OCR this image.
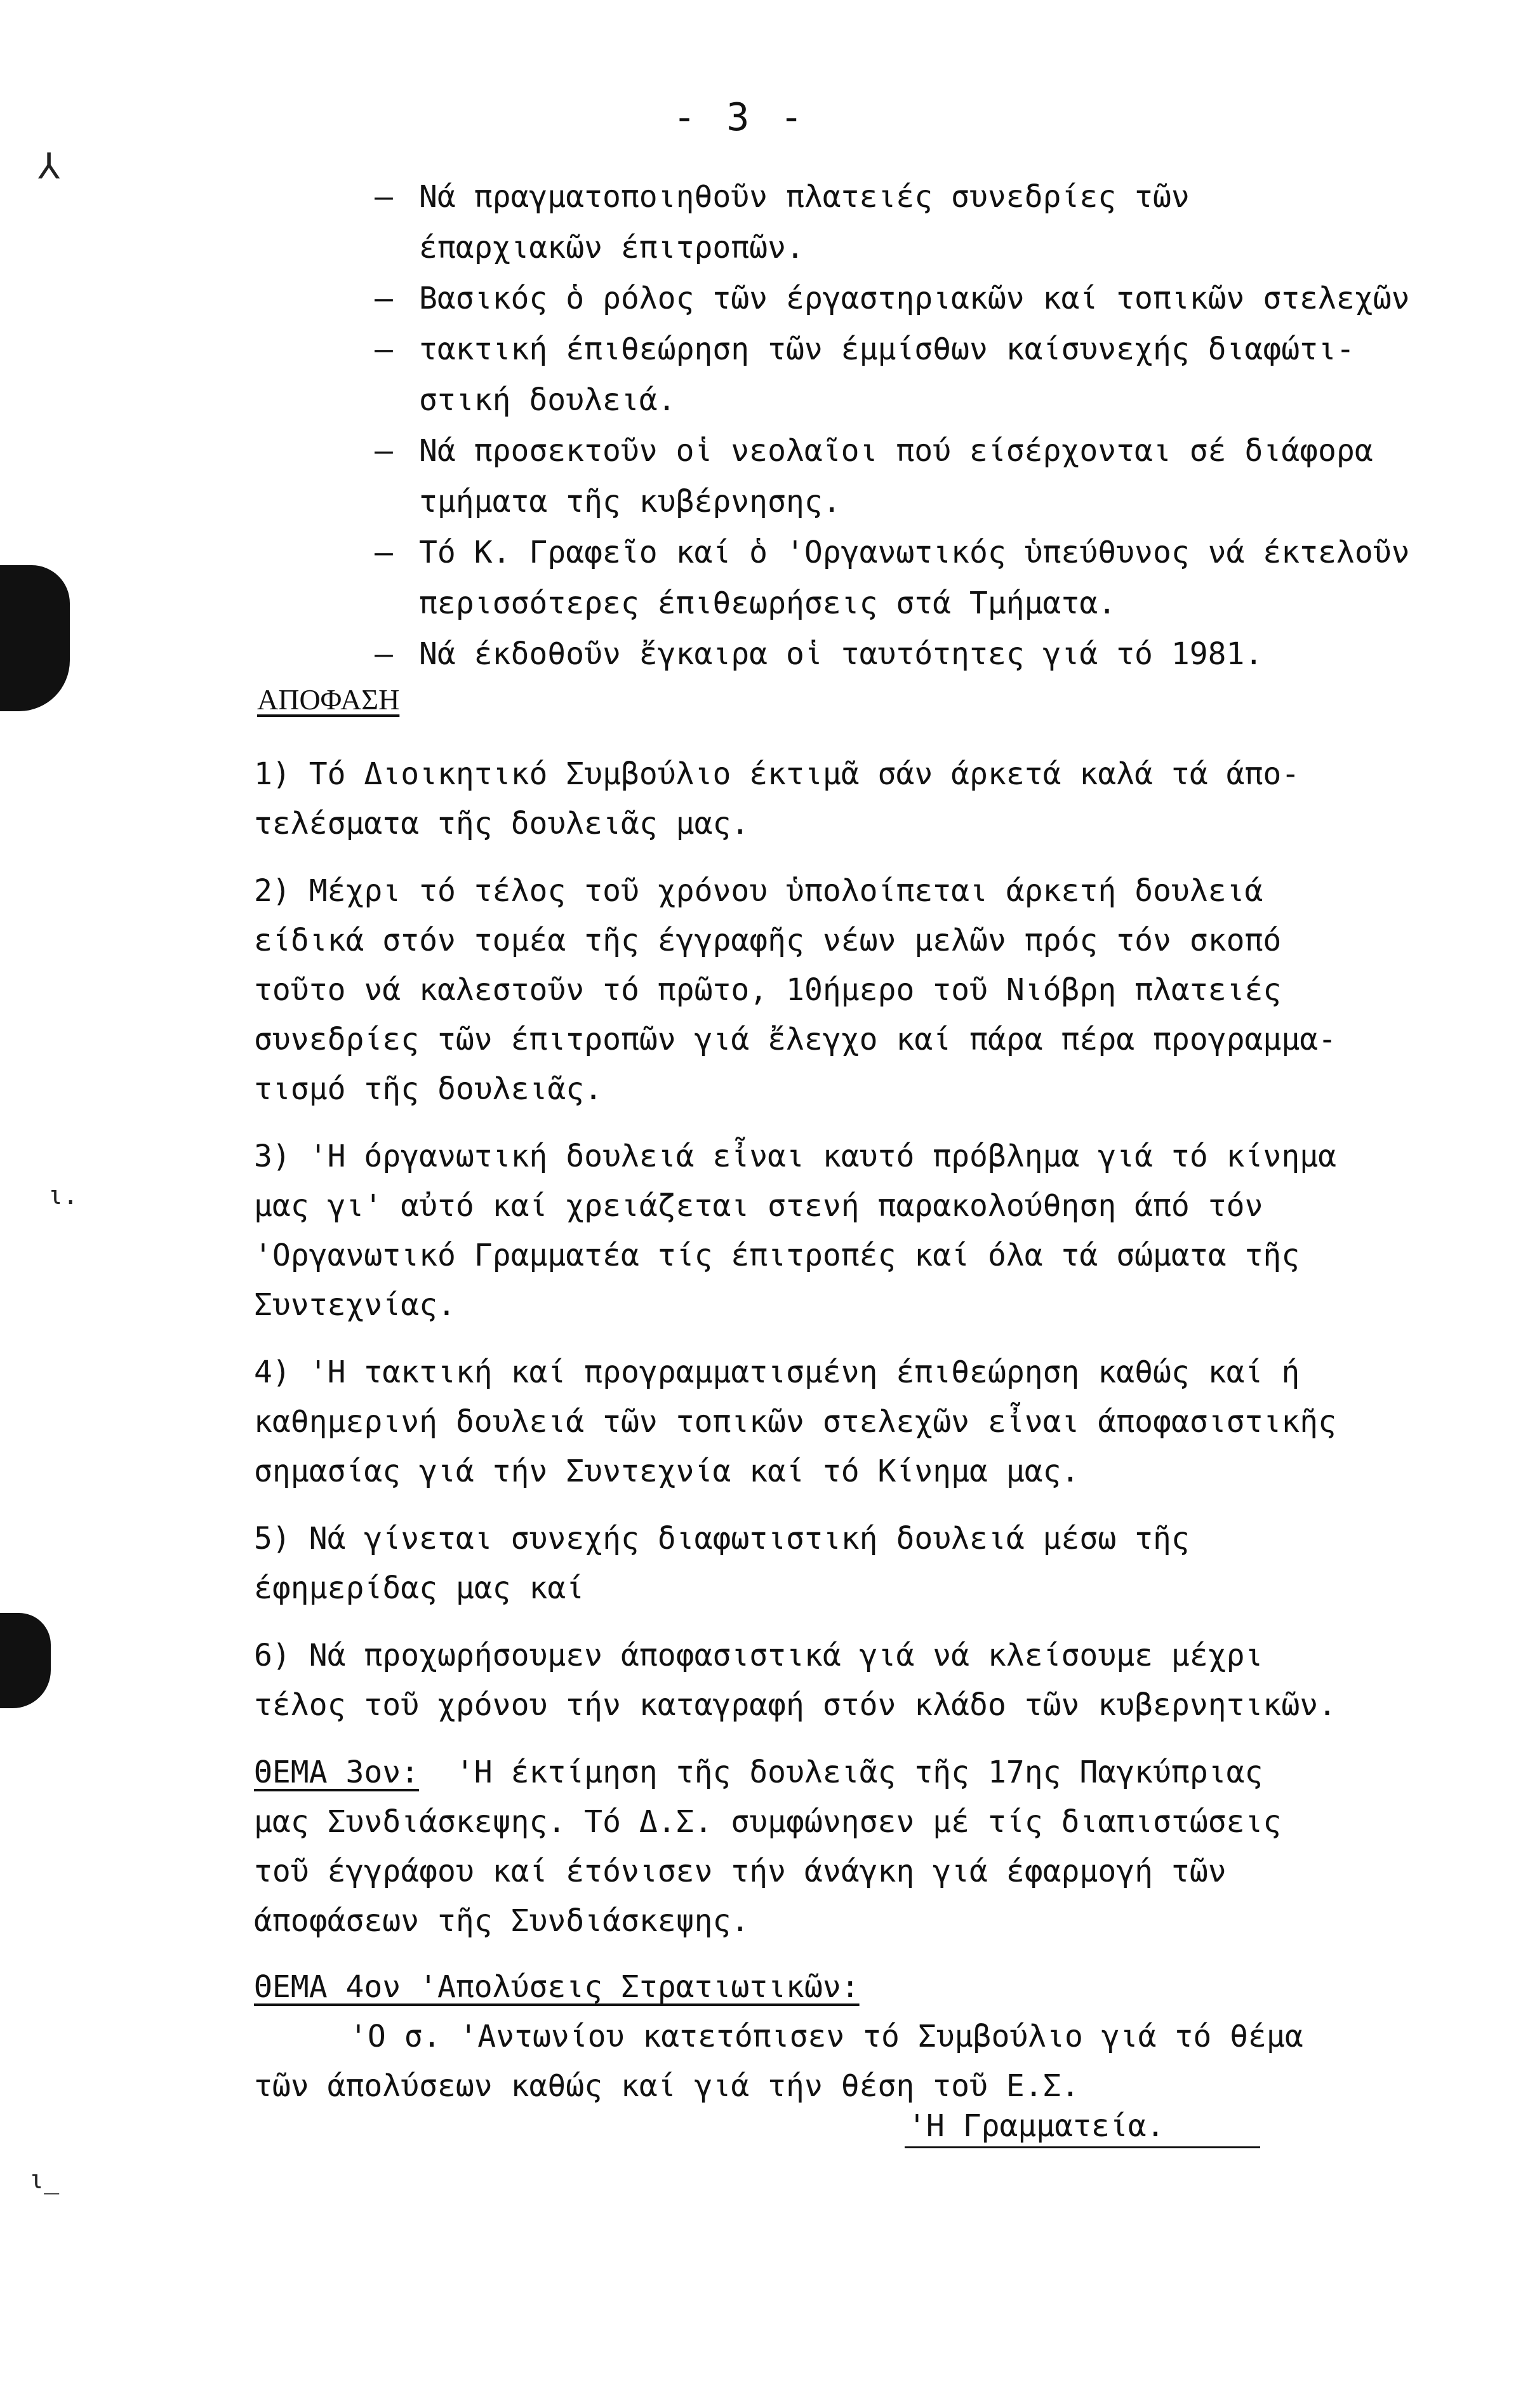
⅄
ι.
ι_
- 3 -
– Νά πραγματοποιηθοῦν πλατειές συνεδρίες τῶν
έπαρχιακῶν έπιτροπῶν.
– Βασικός ὁ ρόλος τῶν έργαστηριακῶν καί τοπικῶν στελεχῶν
– τακτική έπιθεώρηση τῶν έμμίσθων καίσυνεχής διαφώτι-
στική δουλειά.
– Νά προσεκτοῦν οἱ νεολαῖοι πού είσέρχονται σέ διάφορα
τμήματα τῆς κυβέρνησης.
– Τό Κ. Γραφεῖο καί ὁ 'Οργανωτικός ὑπεύθυνος νά έκτελοῦν
περισσότερες έπιθεωρήσεις στά Τμήματα.
– Νά έκδοθοῦν ἔγκαιρα οἱ ταυτότητες γιά τό 1981.
ΑΠΟΦΑΣΗ
1) Τό Διοικητικό Συμβούλιο έκτιμᾶ σάν άρκετά καλά τά άπο-
τελέσματα τῆς δουλειᾶς μας.
2) Μέχρι τό τέλος τοῦ χρόνου ὑπολοίπεται άρκετή δουλειά
είδικά στόν τομέα τῆς έγγραφῆς νέων μελῶν πρός τόν σκοπό
τοῦτο νά καλεστοῦν τό πρῶτο, 10ήμερο τοῦ Νιόβρη πλατειές
συνεδρίες τῶν έπιτροπῶν γιά ἔλεγχο καί πάρα πέρα προγραμμα-
τισμό τῆς δουλειᾶς.
3) 'Η όργανωτική δουλειά εἶναι καυτό πρόβλημα γιά τό κίνημα
μας γι' αὐτό καί χρειάζεται στενή παρακολούθηση άπό τόν
'Οργανωτικό Γραμματέα τίς έπιτροπές καί όλα τά σώματα τῆς
Συντεχνίας.
4) 'Η τακτική καί προγραμματισμένη έπιθεώρηση καθώς καί ή
καθημερινή δουλειά τῶν τοπικῶν στελεχῶν εἶναι άποφασιστικῆς
σημασίας γιά τήν Συντεχνία καί τό Κίνημα μας.
5) Νά γίνεται συνεχής διαφωτιστική δουλειά μέσω τῆς
έφημερίδας μας καί
6) Νά προχωρήσουμεν άποφασιστικά γιά νά κλείσουμε μέχρι
τέλος τοῦ χρόνου τήν καταγραφή στόν κλάδο τῶν κυβερνητικῶν.
ΘΕΜΑ 3ον: 'Η έκτίμηση τῆς δουλειᾶς τῆς 17ης Παγκύπριας
μας Συνδιάσκεψης. Τό Δ.Σ. συμφώνησεν μέ τίς διαπιστώσεις
τοῦ έγγράφου καί έτόνισεν τήν άνάγκη γιά έφαρμογή τῶν
άποφάσεων τῆς Συνδιάσκεψης.
ΘΕΜΑ 4ον 'Απολύσεις Στρατιωτικῶν:
'Ο σ. 'Αντωνίου κατετόπισεν τό Συμβούλιο γιά τό θέμα
τῶν άπολύσεων καθώς καί γιά τήν θέση τοῦ Ε.Σ.
'Η Γραμματεία.
